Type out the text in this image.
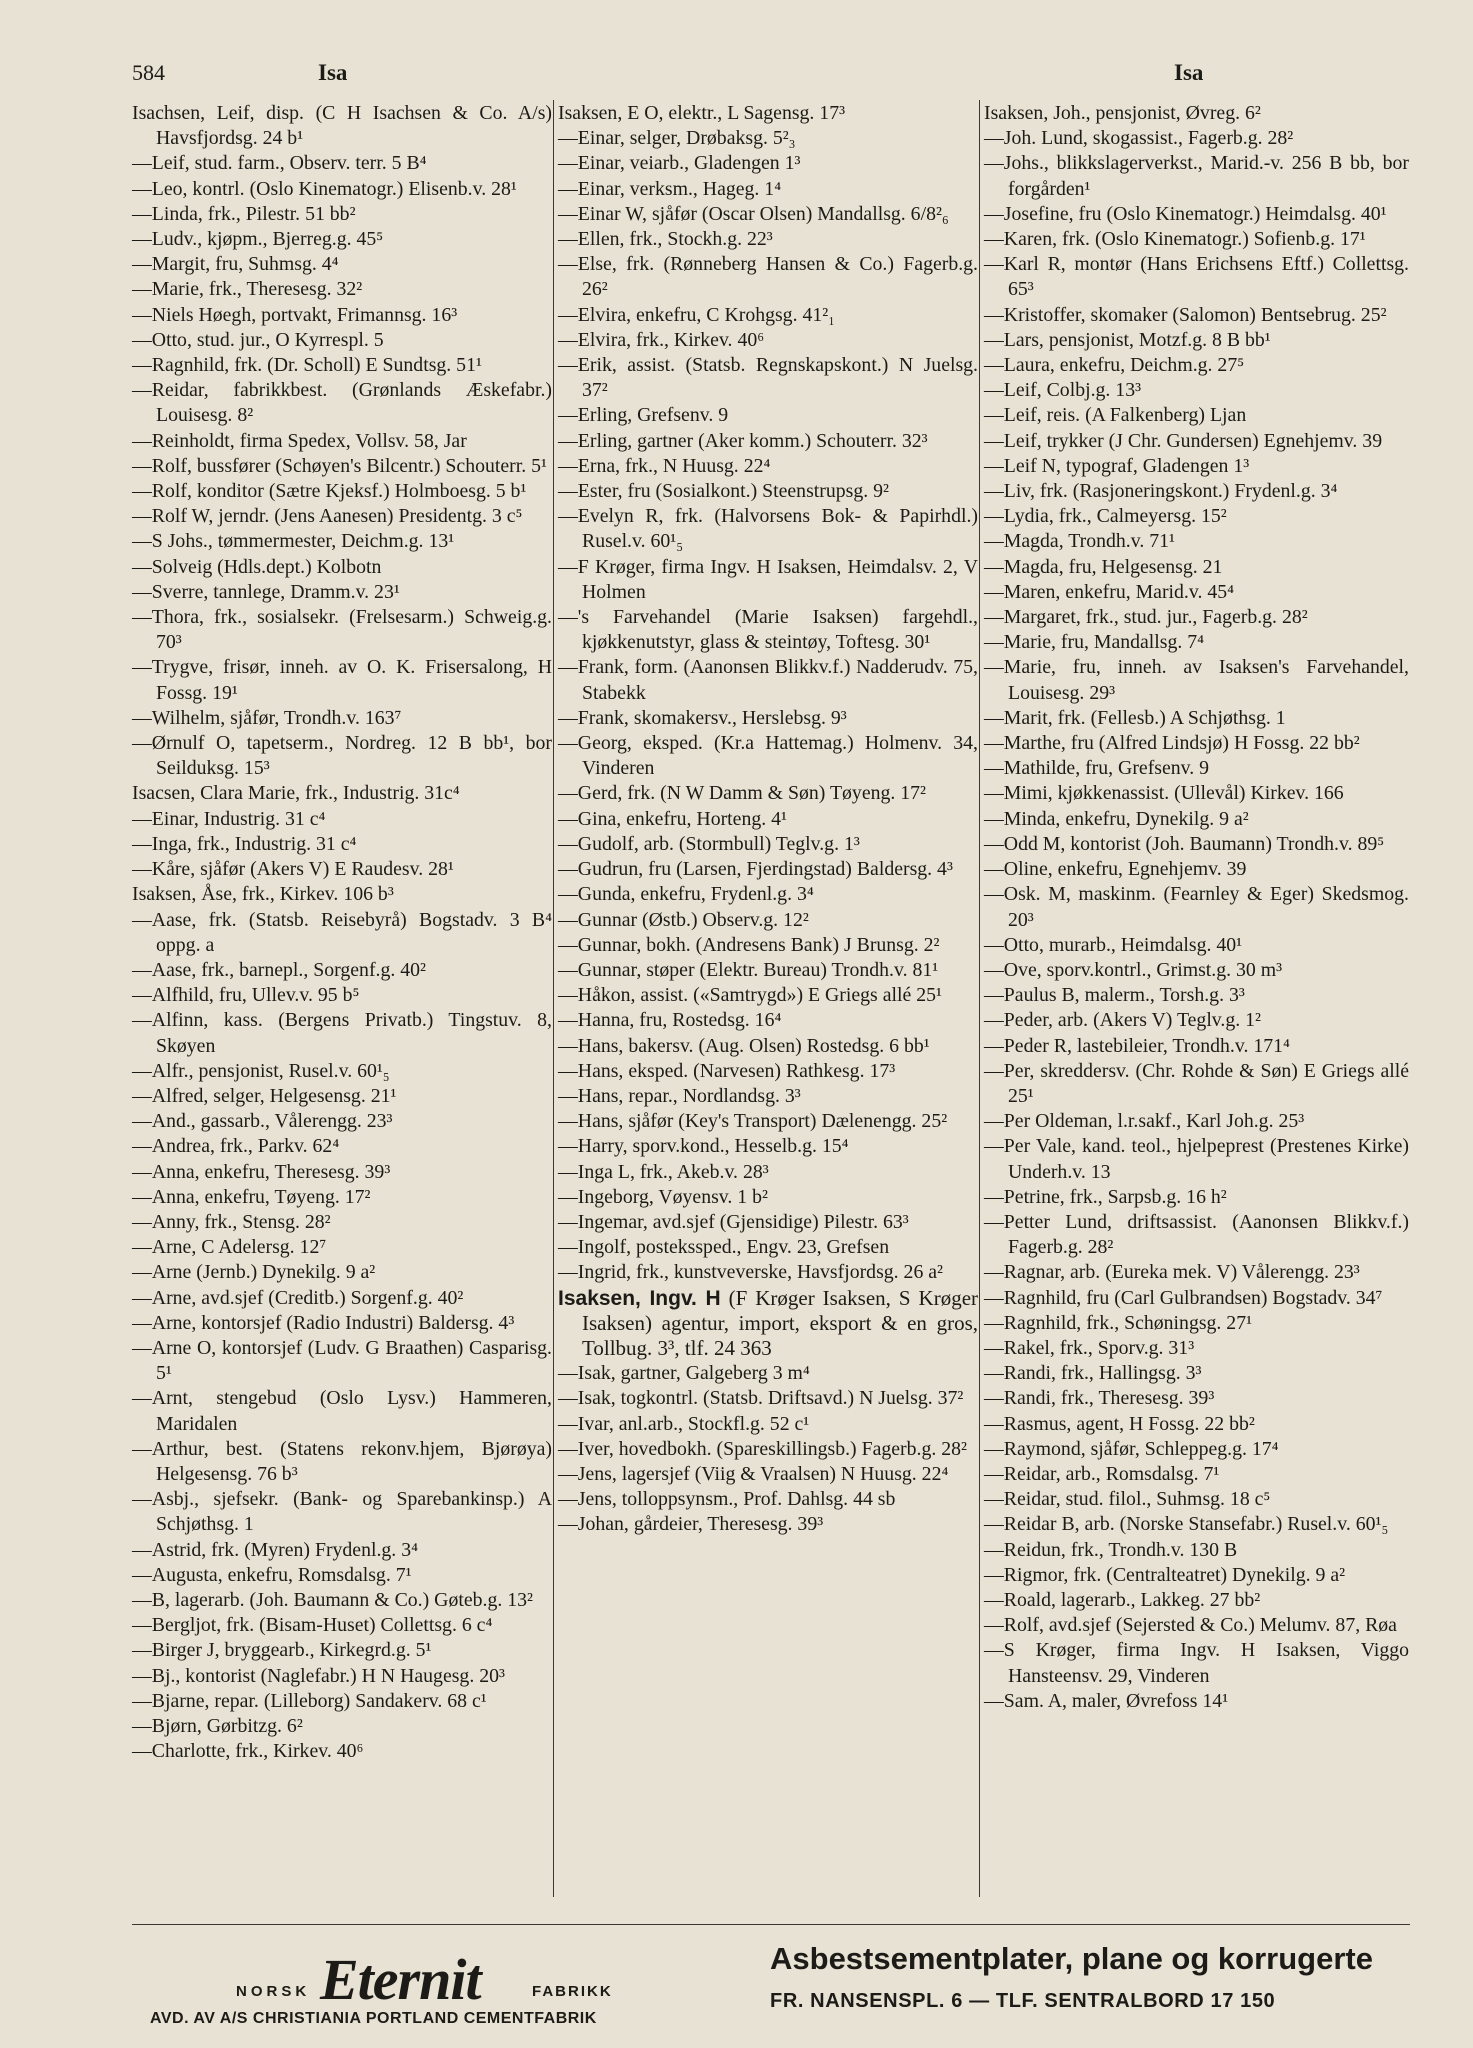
584	Isa	Isa

Isachsen, Leif, disp. (C H Isachsen & Co. A/s) Havsfjordsg. 24 b¹

—Leif, stud. farm., Observ. terr. 5 B⁴

—Leo, kontrl. (Oslo Kinematogr.) Elisenb.v. 28¹

—Linda, frk., Pilestr. 51 bb²

—Ludv., kjøpm., Bjerreg.g. 45⁵

—Margit, fru, Suhmsg. 4⁴

—Marie, frk., Theresesg. 32²

—Niels Høegh, portvakt, Frimannsg. 16³

—Otto, stud. jur., O Kyrrespl. 5

—Ragnhild, frk. (Dr. Scholl) E Sundtsg. 51¹

—Reidar, fabrikkbest. (Grønlands Æskefabr.) Louisesg. 8²

—Reinholdt, firma Spedex, Vollsv. 58, Jar

—Rolf, bussfører (Schøyen's Bilcentr.) Schouterr. 5¹

—Rolf, konditor (Sætre Kjeksf.) Holmboesg. 5 b¹

—Rolf W, jerndr. (Jens Aanesen) Presidentg. 3 c⁵

—S Johs., tømmermester, Deichm.g. 13¹

—Solveig (Hdls.dept.) Kolbotn

—Sverre, tannlege, Dramm.v. 23¹

—Thora, frk., sosialsekr. (Frelsesarm.) Schweig.g. 70³

—Trygve, frisør, inneh. av O. K. Frisersalong, H Fossg. 19¹

—Wilhelm, sjåfør, Trondh.v. 163⁷

—Ørnulf O, tapetserm., Nordreg. 12 B bb¹, bor Seilduksg. 15³

Isacsen, Clara Marie, frk., Industrig. 31c⁴

—Einar, Industrig. 31 c⁴

—Inga, frk., Industrig. 31 c⁴

—Kåre, sjåfør (Akers V) E Raudesv. 28¹

Isaksen, Åse, frk., Kirkev. 106 b³

—Aase, frk. (Statsb. Reisebyrå) Bogstadv. 3 B⁴ oppg. a

—Aase, frk., barnepl., Sorgenf.g. 40²

—Alfhild, fru, Ullev.v. 95 b⁵

—Alfinn, kass. (Bergens Privatb.) Tingstuv. 8, Skøyen

—Alfr., pensjonist, Rusel.v. 60¹₅

—Alfred, selger, Helgesensg. 21¹

—And., gassarb., Vålerengg. 23³

—Andrea, frk., Parkv. 62⁴

—Anna, enkefru, Theresesg. 39³

—Anna, enkefru, Tøyeng. 17²

—Anny, frk., Stensg. 28²

—Arne, C Adelersg. 12⁷

—Arne (Jernb.) Dynekilg. 9 a²

—Arne, avd.sjef (Creditb.) Sorgenf.g. 40²

—Arne, kontorsjef (Radio Industri) Baldersg. 4³

—Arne O, kontorsjef (Ludv. G Braathen) Casparisg. 5¹

—Arnt, stengebud (Oslo Lysv.) Hammeren, Maridalen

—Arthur, best. (Statens rekonv.hjem, Bjørøya) Helgesensg. 76 b³

—Asbj., sjefsekr. (Bank- og Sparebankinsp.) A Schjøthsg. 1

—Astrid, frk. (Myren) Frydenl.g. 3⁴

—Augusta, enkefru, Romsdalsg. 7¹

—B, lagerarb. (Joh. Baumann & Co.) Gøteb.g. 13²

—Bergljot, frk. (Bisam-Huset) Collettsg. 6 c⁴

—Birger J, bryggearb., Kirkegrd.g. 5¹

—Bj., kontorist (Naglefabr.) H N Haugesg. 20³

—Bjarne, repar. (Lilleborg) Sandakerv. 68 c¹

—Bjørn, Gørbitzg. 6²

—Charlotte, frk., Kirkev. 40⁶

Isaksen, E O, elektr., L Sagensg. 17³

—Einar, selger, Drøbaksg. 5²₃

—Einar, veiarb., Gladengen 1³

—Einar, verksm., Hageg. 1⁴

—Einar W, sjåfør (Oscar Olsen) Mandallsg. 6/8²₆

—Ellen, frk., Stockh.g. 22³

—Else, frk. (Rønneberg Hansen & Co.) Fagerb.g. 26²

—Elvira, enkefru, C Krohgsg. 41²₁

—Elvira, frk., Kirkev. 40⁶

—Erik, assist. (Statsb. Regnskapskont.) N Juelsg. 37²

—Erling, Grefsenv. 9

—Erling, gartner (Aker komm.) Schouterr. 32³

—Erna, frk., N Huusg. 22⁴

—Ester, fru (Sosialkont.) Steenstrupsg. 9²

—Evelyn R, frk. (Halvorsens Bok- & Papirhdl.) Rusel.v. 60¹₅

—F Krøger, firma Ingv. H Isaksen, Heimdalsv. 2, V Holmen

—'s Farvehandel (Marie Isaksen) fargehdl., kjøkkenutstyr, glass & steintøy, Toftesg. 30¹

—Frank, form. (Aanonsen Blikkv.f.) Nadderudv. 75, Stabekk

—Frank, skomakersv., Herslebsg. 9³

—Georg, eksped. (Kr.a Hattemag.) Holmenv. 34, Vinderen

—Gerd, frk. (N W Damm & Søn) Tøyeng. 17²

—Gina, enkefru, Horteng. 4¹

—Gudolf, arb. (Stormbull) Teglv.g. 1³

—Gudrun, fru (Larsen, Fjerdingstad) Baldersg. 4³

—Gunda, enkefru, Frydenl.g. 3⁴

—Gunnar (Østb.) Observ.g. 12²

—Gunnar, bokh. (Andresens Bank) J Brunsg. 2²

—Gunnar, støper (Elektr. Bureau) Trondh.v. 81¹

—Håkon, assist. («Samtrygd») E Griegs allé 25¹

—Hanna, fru, Rostedsg. 16⁴

—Hans, bakersv. (Aug. Olsen) Rostedsg. 6 bb¹

—Hans, eksped. (Narvesen) Rathkesg. 17³

—Hans, repar., Nordlandsg. 3³

—Hans, sjåfør (Key's Transport) Dælenengg. 25²

—Harry, sporv.kond., Hesselb.g. 15⁴

—Inga L, frk., Akeb.v. 28³

—Ingeborg, Vøyensv. 1 b²

—Ingemar, avd.sjef (Gjensidige) Pilestr. 63³

—Ingolf, postekssped., Engv. 23, Grefsen

—Ingrid, frk., kunstveverske, Havsfjordsg. 26 a²

Isaksen, Ingv. H (F Krøger Isaksen, S Krøger Isaksen) agentur, import, eksport & en gros, Tollbug. 3³, tlf. 24 363

—Isak, gartner, Galgeberg 3 m⁴

—Isak, togkontrl. (Statsb. Driftsavd.) N Juelsg. 37²

—Ivar, anl.arb., Stockfl.g. 52 c¹

—Iver, hovedbokh. (Spareskillingsb.) Fagerb.g. 28²

—Jens, lagersjef (Viig & Vraalsen) N Huusg. 22⁴

—Jens, tolloppsynsm., Prof. Dahlsg. 44 sb

—Johan, gårdeier, Theresesg. 39³

Isaksen, Joh., pensjonist, Øvreg. 6²

—Joh. Lund, skogassist., Fagerb.g. 28²

—Johs., blikkslagerverkst., Marid.-v. 256 B bb, bor forgården¹

—Josefine, fru (Oslo Kinematogr.) Heimdalsg. 40¹

—Karen, frk. (Oslo Kinematogr.) Sofienb.g. 17¹

—Karl R, montør (Hans Erichsens Eftf.) Collettsg. 65³

—Kristoffer, skomaker (Salomon) Bentsebrug. 25²

—Lars, pensjonist, Motzf.g. 8 B bb¹

—Laura, enkefru, Deichm.g. 27⁵

—Leif, Colbj.g. 13³

—Leif, reis. (A Falkenberg) Ljan

—Leif, trykker (J Chr. Gundersen) Egnehjemv. 39

—Leif N, typograf, Gladengen 1³

—Liv, frk. (Rasjoneringskont.) Frydenl.g. 3⁴

—Lydia, frk., Calmeyersg. 15²

—Magda, Trondh.v. 71¹

—Magda, fru, Helgesensg. 21

—Maren, enkefru, Marid.v. 45⁴

—Margaret, frk., stud. jur., Fagerb.g. 28²

—Marie, fru, Mandallsg. 7⁴

—Marie, fru, inneh. av Isaksen's Farvehandel, Louisesg. 29³

—Marit, frk. (Fellesb.) A Schjøthsg. 1

—Marthe, fru (Alfred Lindsjø) H Fossg. 22 bb²

—Mathilde, fru, Grefsenv. 9

—Mimi, kjøkkenassist. (Ullevål) Kirkev. 166

—Minda, enkefru, Dynekilg. 9 a²

—Odd M, kontorist (Joh. Baumann) Trondh.v. 89⁵

—Oline, enkefru, Egnehjemv. 39

—Osk. M, maskinm. (Fearnley & Eger) Skedsmog. 20³

—Otto, murarb., Heimdalsg. 40¹

—Ove, sporv.kontrl., Grimst.g. 30 m³

—Paulus B, malerm., Torsh.g. 3³

—Peder, arb. (Akers V) Teglv.g. 1²

—Peder R, lastebileier, Trondh.v. 171⁴

—Per, skreddersv. (Chr. Rohde & Søn) E Griegs allé 25¹

—Per Oldeman, l.r.sakf., Karl Joh.g. 25³

—Per Vale, kand. teol., hjelpeprest (Prestenes Kirke) Underh.v. 13

—Petrine, frk., Sarpsb.g. 16 h²

—Petter Lund, driftsassist. (Aanonsen Blikkv.f.) Fagerb.g. 28²

—Ragnar, arb. (Eureka mek. V) Vålerengg. 23³

—Ragnhild, fru (Carl Gulbrandsen) Bogstadv. 34⁷

—Ragnhild, frk., Schøningsg. 27¹

—Rakel, frk., Sporv.g. 31³

—Randi, frk., Hallingsg. 3³

—Randi, frk., Theresesg. 39³

—Rasmus, agent, H Fossg. 22 bb²

—Raymond, sjåfør, Schleppeg.g. 17⁴

—Reidar, arb., Romsdalsg. 7¹

—Reidar, stud. filol., Suhmsg. 18 c⁵

—Reidar B, arb. (Norske Stansefabr.) Rusel.v. 60¹₅

—Reidun, frk., Trondh.v. 130 B

—Rigmor, frk. (Centralteatret) Dynekilg. 9 a²

—Roald, lagerarb., Lakkeg. 27 bb²

—Rolf, avd.sjef (Sejersted & Co.) Melumv. 87, Røa

—S Krøger, firma Ingv. H Isaksen, Viggo Hansteensv. 29, Vinderen

—Sam. A, maler, Øvrefoss 14¹

NORSK Eternit	FABRIKK
AVD. AV A/S CHRISTIANIA PORTLAND CEMENTFABRIK
Asbestsementplater, plane og korrugerte
FR. NANSENSPL. 6 — TLF. SENTRALBORD 17 150
